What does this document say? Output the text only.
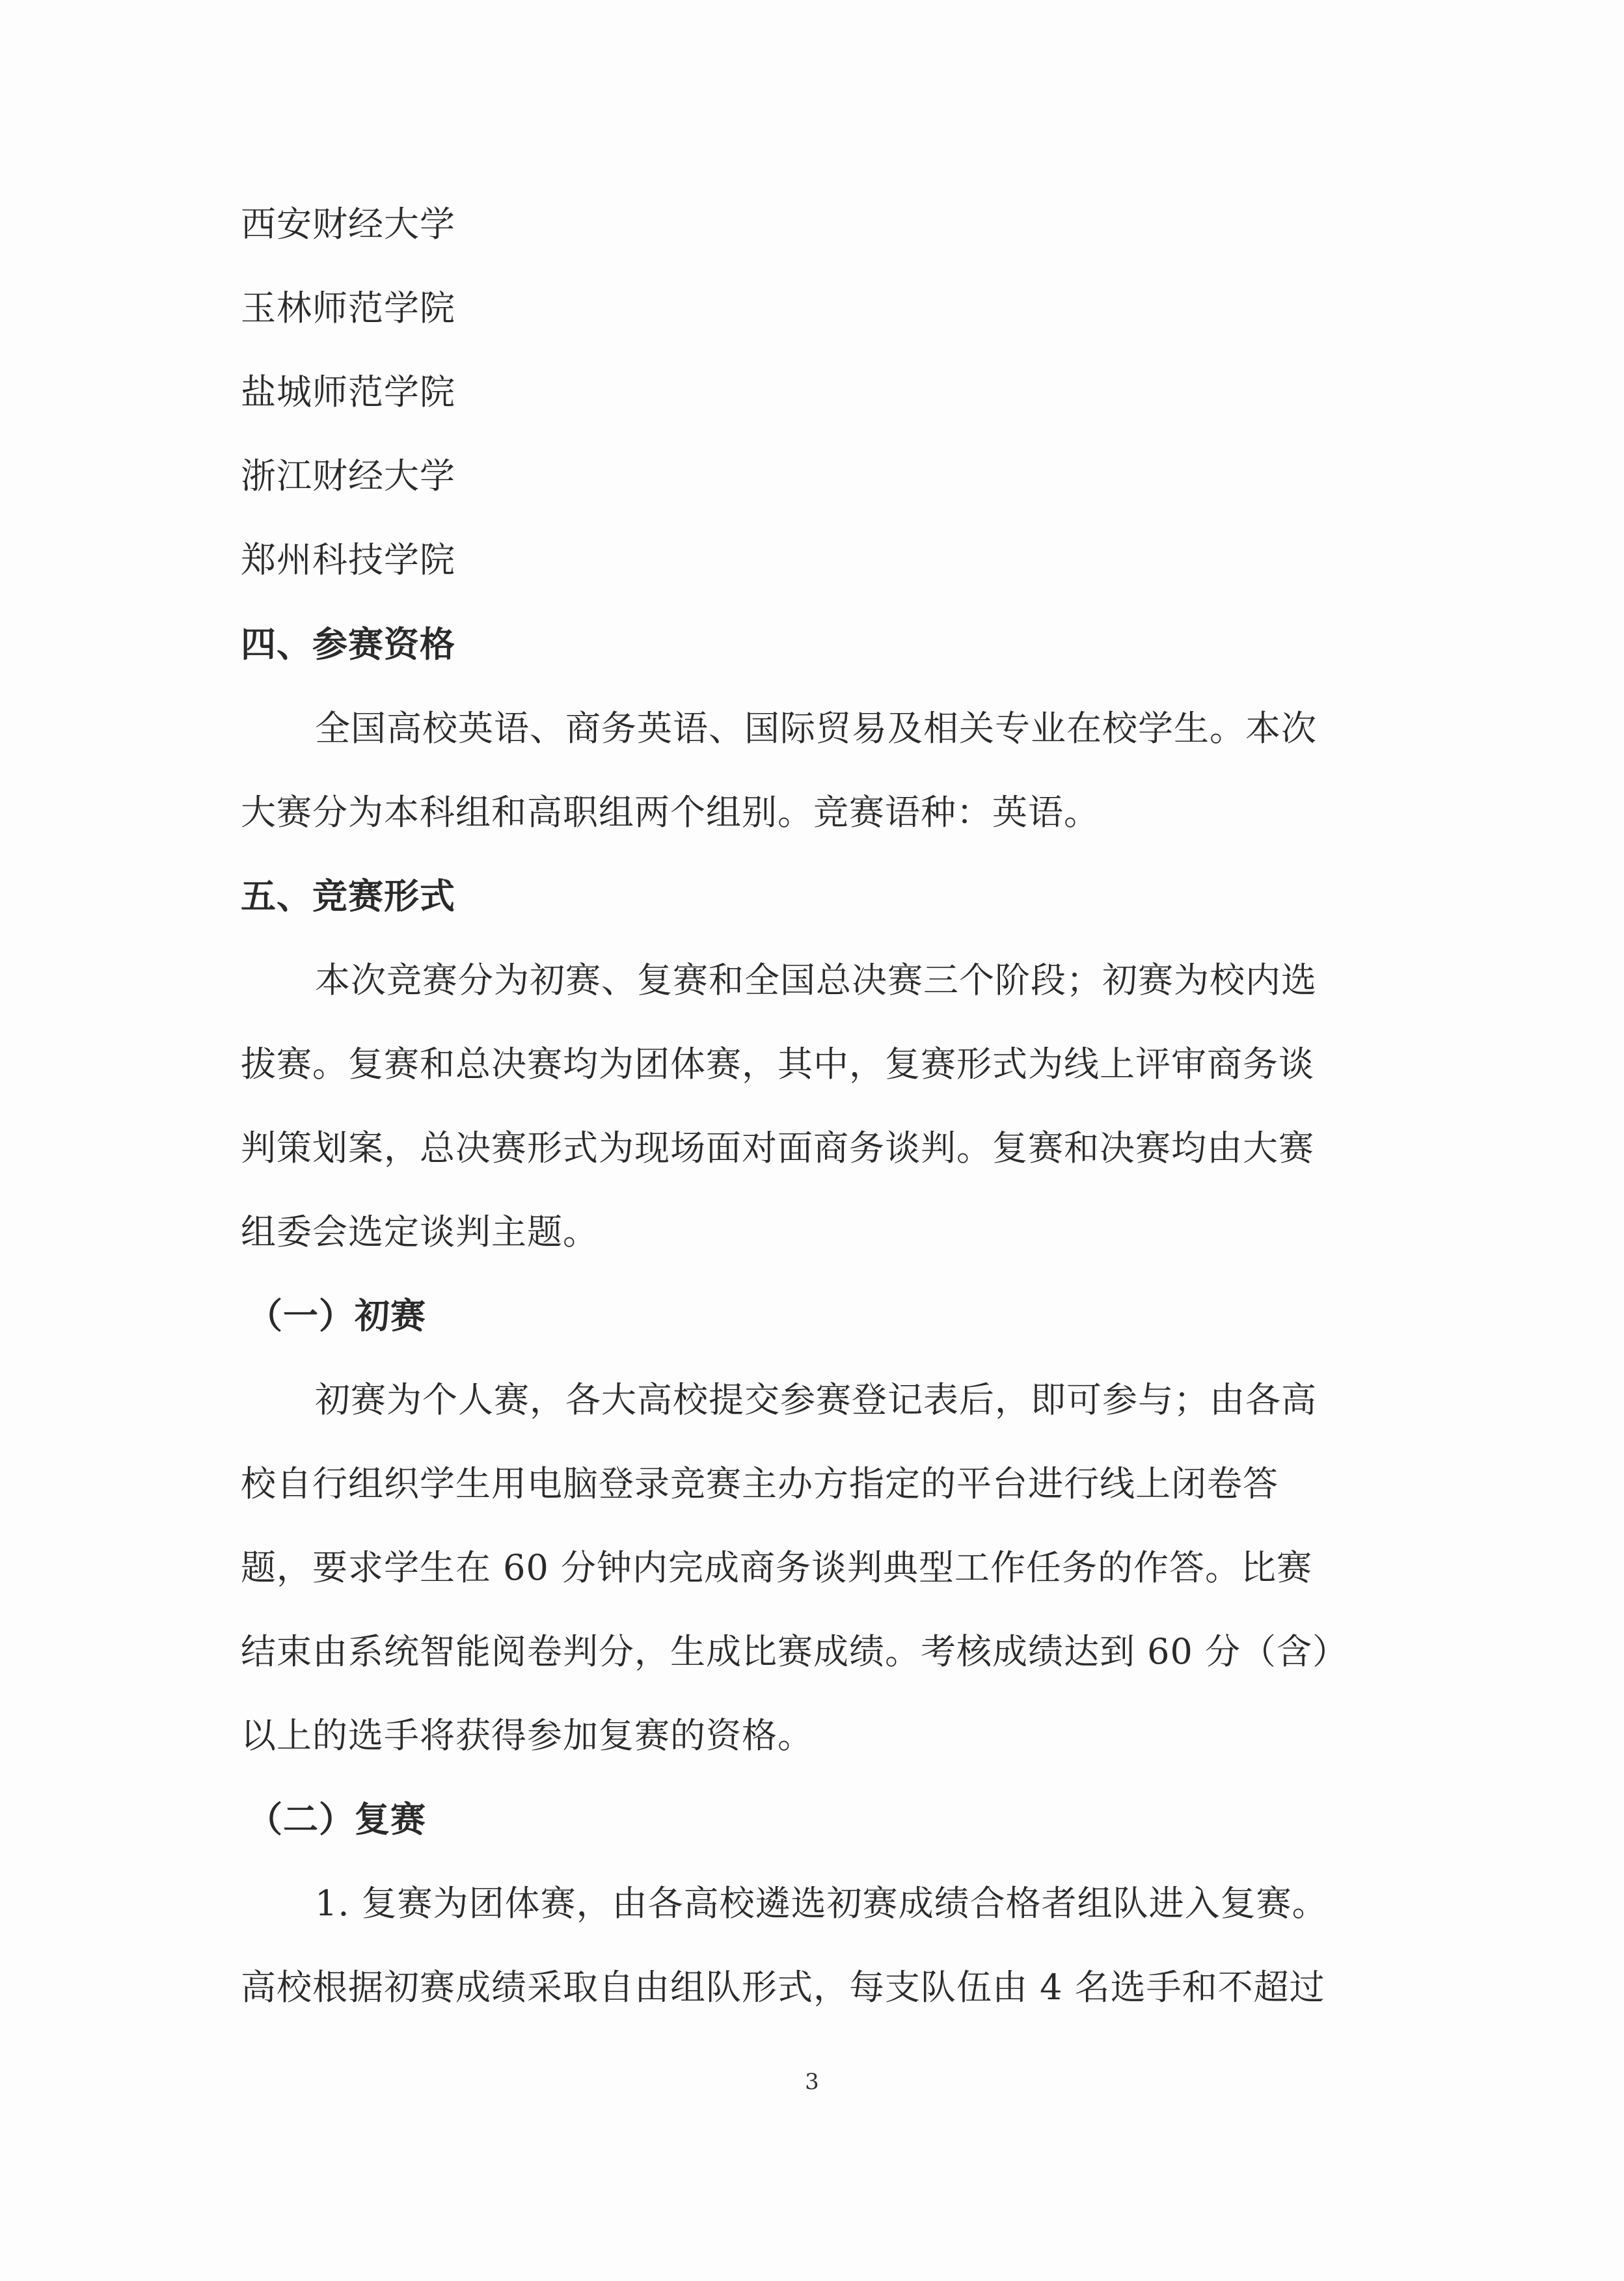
西安财经大学
玉林师范学院
盐城师范学院
浙江财经大学
郑州科技学院
四、参赛资格
全国高校英语、商务英语、国际贸易及相关专业在校学生。本次
大赛分为本科组和高职组两个组别。竞赛语种：英语。
五、竞赛形式
本次竞赛分为初赛、复赛和全国总决赛三个阶段；初赛为校内选
拔赛。复赛和总决赛均为团体赛，其中，复赛形式为线上评审商务谈
判策划案，总决赛形式为现场面对面商务谈判。复赛和决赛均由大赛
组委会选定谈判主题。
（一）初赛
初赛为个人赛，各大高校提交参赛登记表后，即可参与；由各高
校自行组织学生用电脑登录竞赛主办方指定的平台进行线上闭卷答
题，要求学生在 60 分钟内完成商务谈判典型工作任务的作答。比赛
结束由系统智能阅卷判分，生成比赛成绩。考核成绩达到 60 分（含）
以上的选手将获得参加复赛的资格。
（二）复赛
1. 复赛为团体赛，由各高校遴选初赛成绩合格者组队进入复赛。
高校根据初赛成绩采取自由组队形式，每支队伍由 4 名选手和不超过
3
